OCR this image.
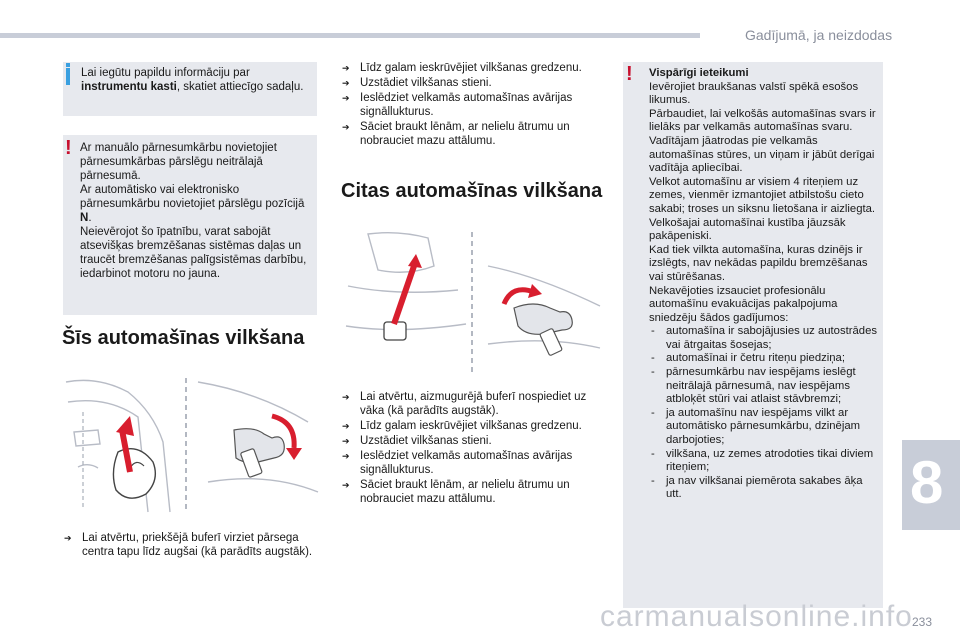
Gadījumā, ja neizdodas
Lai iegūtu papildu informāciju par instrumentu kasti, skatiet attiecīgo sadaļu.
! Ar manuālo pārnesumkārbu novietojiet pārnesumkārbas pārslēgu neitrālajā pārnesumā.
Ar automātisko vai elektronisko pārnesumkārbu novietojiet pārslēgu pozīcijā N.
Neievērojot šo īpatnību, varat sabojāt atsevišķas bremzēšanas sistēmas daļas un traucēt bremzēšanas palīgsistēmas darbību, iedarbinot motoru no jauna.
Šīs automašīnas vilkšana
➔ Lai atvērtu, priekšējā buferī virziet pārsega centra tapu līdz augšai (kā parādīts augstāk).
➔ Līdz galam ieskrūvējiet vilkšanas gredzenu.
➔ Uzstādiet vilkšanas stieni.
➔ Ieslēdziet velkamās automašīnas avārijas signāllukturus.
➔ Sāciet braukt lēnām, ar nelielu ātrumu un nobrauciet mazu attālumu.
Citas automašīnas vilkšana
➔ Lai atvērtu, aizmugurējā buferī nospiediet uz vāka (kā parādīts augstāk).
➔ Līdz galam ieskrūvējiet vilkšanas gredzenu.
➔ Uzstādiet vilkšanas stieni.
➔ Ieslēdziet velkamās automašīnas avārijas signāllukturus.
➔ Sāciet braukt lēnām, ar nelielu ātrumu un nobrauciet mazu attālumu.
! Vispārīgi ieteikumi
Ievērojiet braukšanas valstī spēkā esošos likumus.
Pārbaudiet, lai velkošās automašīnas svars ir lielāks par velkamās automašīnas svaru.
Vadītājam jāatrodas pie velkamās automašīnas stūres, un viņam ir jābūt derīgai vadītāja apliecībai.
Velkot automašīnu ar visiem 4 riteņiem uz zemes, vienmēr izmantojiet atbilstošu cieto sakabi; troses un siksnu lietošana ir aizliegta.
Velkošajai automašīnai kustība jāuzsāk pakāpeniski.
Kad tiek vilkta automašīna, kuras dzinējs ir izslēgts, nav nekādas papildu bremzēšanas vai stūrēšanas.
Nekavējoties izsauciet profesionālu automašīnu evakuācijas pakalpojuma sniedzēju šādos gadījumos:
- automašīna ir sabojājusies uz autostrādes vai ātrgaitas šosejas;
- automašīnai ir četru riteņu piedziņa;
- pārnesumkārbu nav iespējams ieslēgt neitrālajā pārnesumā, nav iespējams atbloķēt stūri vai atlaist stāvbremzi;
- ja automašīnu nav iespējams vilkt ar automātisko pārnesumkārbu, dzinējam darbojoties;
- vilkšana, uz zemes atrodoties tikai diviem riteņiem;
- ja nav vilkšanai piemērota sakabes āķa utt.	8
carmanualsonline.info 233
